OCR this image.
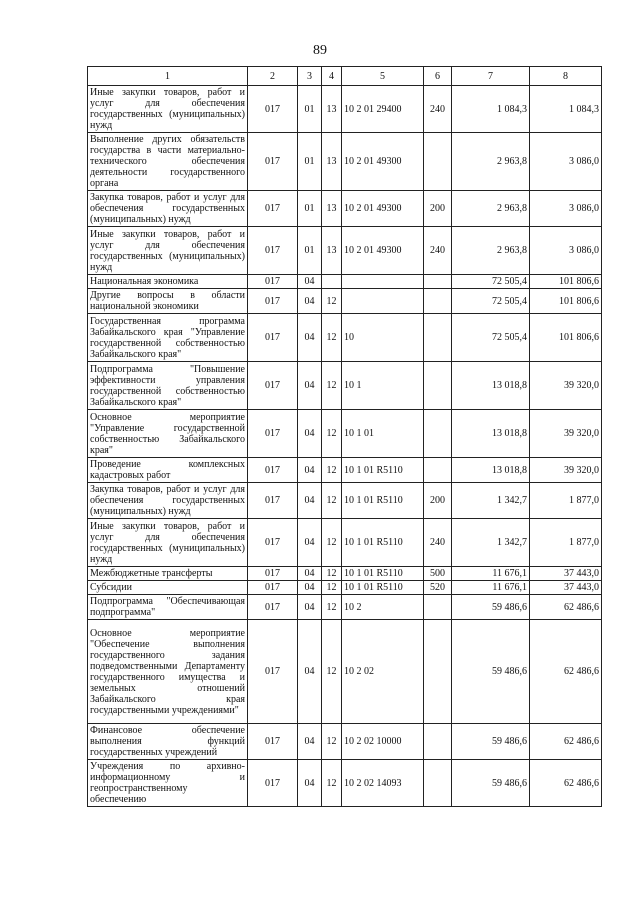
89
1	2	3	4	5	6	7	8
Иные закупки товаров, работ и услуг для обеспечения государственных (муниципальных) нужд	017	01	13	10 2 01 29400	240	1 084,3	1 084,3
Выполнение других обязательств государства в части материально-технического обеспечения деятельности государственного органа	017	01	13	10 2 01 49300		2 963,8	3 086,0
Закупка товаров, работ и услуг для обеспечения государственных (муниципальных) нужд	017	01	13	10 2 01 49300	200	2 963,8	3 086,0
Иные закупки товаров, работ и услуг для обеспечения государственных (муниципальных) нужд	017	01	13	10 2 01 49300	240	2 963,8	3 086,0
Национальная экономика	017	04				72 505,4	101 806,6
Другие вопросы в области национальной экономики	017	04	12			72 505,4	101 806,6
Государственная программа Забайкальского края "Управление государственной собственностью Забайкальского края"	017	04	12	10		72 505,4	101 806,6
Подпрограмма "Повышение эффективности управления государственной собственностью Забайкальского края"	017	04	12	10 1		13 018,8	39 320,0
Основное мероприятие "Управление государственной собственностью Забайкальского края"	017	04	12	10 1 01		13 018,8	39 320,0
Проведение комплексных кадастровых работ	017	04	12	10 1 01 R5110		13 018,8	39 320,0
Закупка товаров, работ и услуг для обеспечения государственных (муниципальных) нужд	017	04	12	10 1 01 R5110	200	1 342,7	1 877,0
Иные закупки товаров, работ и услуг для обеспечения государственных (муниципальных) нужд	017	04	12	10 1 01 R5110	240	1 342,7	1 877,0
Межбюджетные трансферты	017	04	12	10 1 01 R5110	500	11 676,1	37 443,0
Субсидии	017	04	12	10 1 01 R5110	520	11 676,1	37 443,0
Подпрограмма "Обеспечивающая подпрограмма"	017	04	12	10 2		59 486,6	62 486,6
Основное мероприятие "Обеспечение выполнения государственного задания подведомственными Департаменту государственного имущества и земельных отношений Забайкальского края государственными учреждениями"	017	04	12	10 2 02		59 486,6	62 486,6
Финансовое обеспечение выполнения функций государственных учреждений	017	04	12	10 2 02 10000		59 486,6	62 486,6
Учреждения по архивно-информационному и геопространственному обеспечению	017	04	12	10 2 02 14093		59 486,6	62 486,6
